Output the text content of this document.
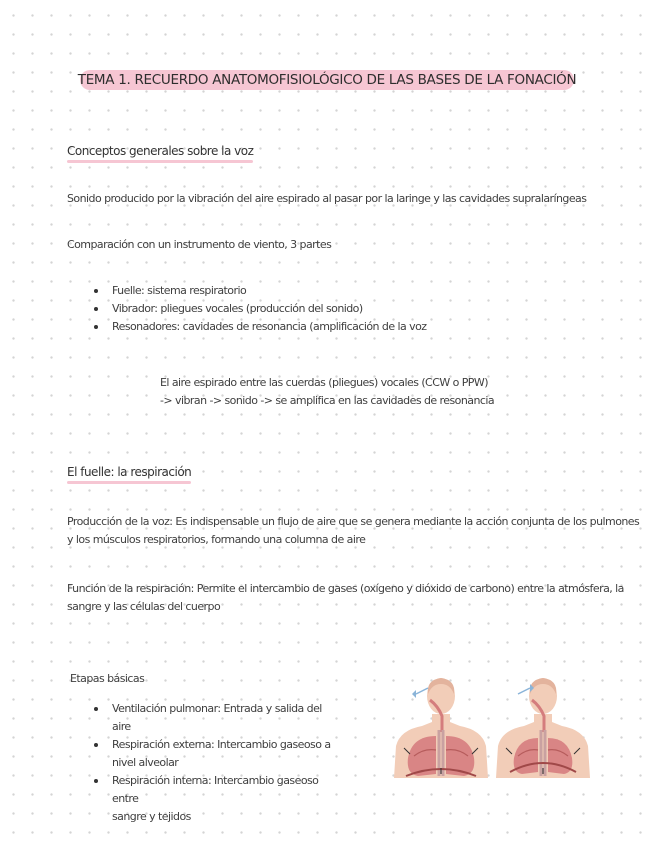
TEMA 1. RECUERDO ANATOMOFISIOLÓGICO DE LAS BASES DE LA FONACIÓN
Conceptos generales sobre la voz
Sonido producido por la vibración del aire espirado al pasar por la laringe y las cavidades supralaríngeas
Comparación con un instrumento de viento, 3 partes
Fuelle: sistema respiratorio
Vibrador: pliegues vocales (producción del sonido)
Resonadores: cavidades de resonancia (amplificación de la voz
El aire espirado entre las cuerdas (pliegues) vocales (CCW o PPW)
-> vibran -> sonido -> se amplifica en las cavidades de resonancia
El fuelle: la respiración
Producción de la voz: Es indispensable un flujo de aire que se genera mediante la acción conjunta de los pulmones
y los músculos respiratorios, formando una columna de aire
Función de la respiración: Permite el intercambio de gases (oxígeno y dióxido de carbono) entre la atmósfera, la
sangre y las células del cuerpo
Etapas básicas
Ventilación pulmonar: Entrada y salida del aire
Respiración externa: Intercambio gaseoso a
nivel alveolar
Respiración interna: Intercambio gaseoso entre
sangre y tejidos
